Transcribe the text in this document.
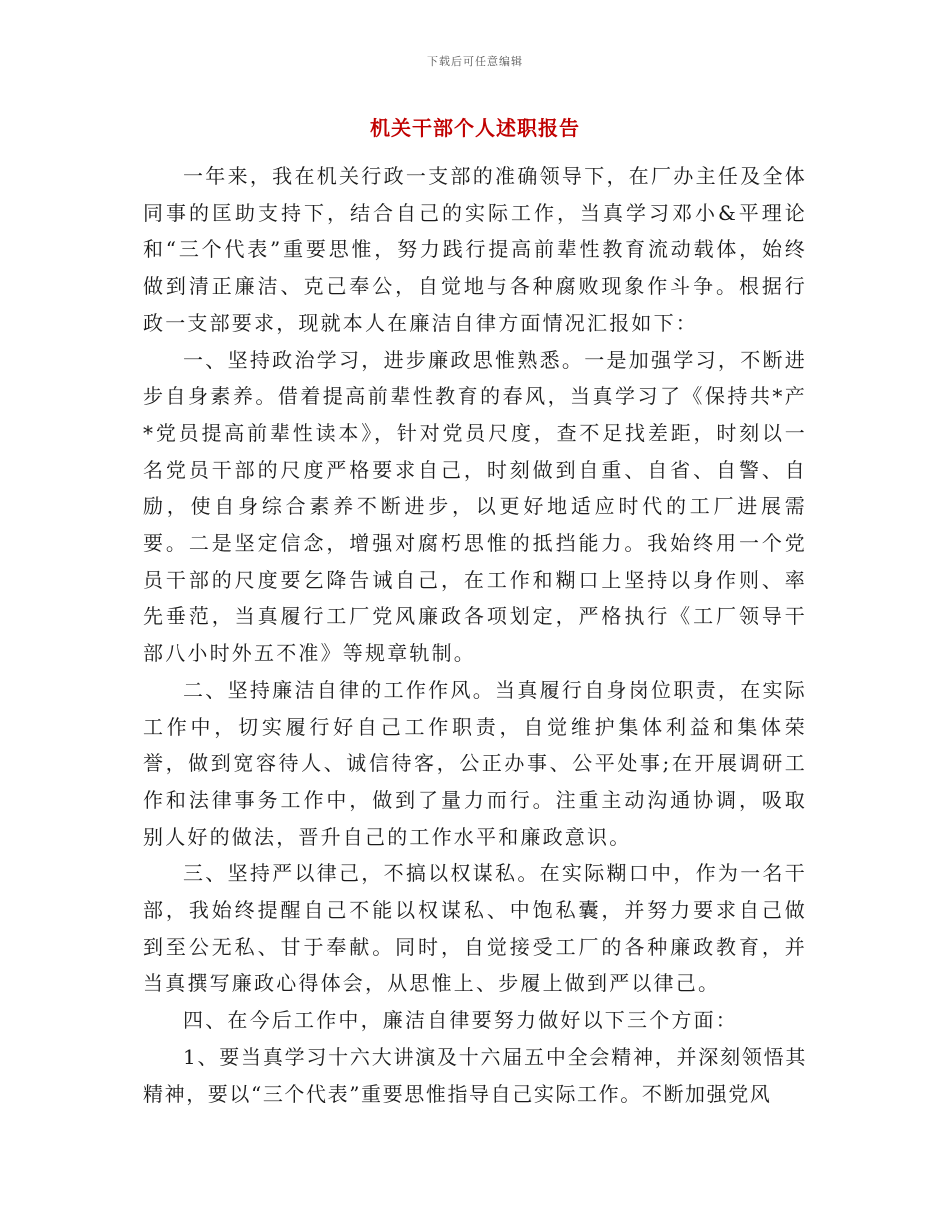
下载后可任意编辑
机关干部个人述职报告

一年来，我在机关行政一支部的准确领导下，在厂办主任及全体同事的匡助支持下，结合自己的实际工作，当真学习邓小&平理论和“三个代表”重要思惟，努力践行提高前辈性教育流动载体，始终做到清正廉洁、克己奉公，自觉地与各种腐败现象作斗争。根据行政一支部要求，现就本人在廉洁自律方面情况汇报如下：

一、坚持政治学习，进步廉政思惟熟悉。一是加强学习，不断进步自身素养。借着提高前辈性教育的春风，当真学习了《保持共*产*党员提高前辈性读本》，针对党员尺度，查不足找差距，时刻以一名党员干部的尺度严格要求自己，时刻做到自重、自省、自警、自励，使自身综合素养不断进步，以更好地适应时代的工厂进展需要。二是坚定信念，增强对腐朽思惟的抵挡能力。我始终用一个党员干部的尺度要乞降告诫自己，在工作和糊口上坚持以身作则、率先垂范，当真履行工厂党风廉政各项划定，严格执行《工厂领导干部八小时外五不准》等规章轨制。

二、坚持廉洁自律的工作作风。当真履行自身岗位职责，在实际工作中，切实履行好自己工作职责，自觉维护集体利益和集体荣誉，做到宽容待人、诚信待客，公正办事、公平处事;在开展调研工作和法律事务工作中，做到了量力而行。注重主动沟通协调，吸取别人好的做法，晋升自己的工作水平和廉政意识。

三、坚持严以律己，不搞以权谋私。在实际糊口中，作为一名干部，我始终提醒自己不能以权谋私、中饱私囊，并努力要求自己做到至公无私、甘于奉献。同时，自觉接受工厂的各种廉政教育，并当真撰写廉政心得体会，从思惟上、步履上做到严以律己。

四、在今后工作中，廉洁自律要努力做好以下三个方面：

1、要当真学习十六大讲演及十六届五中全会精神，并深刻领悟其精神，要以“三个代表”重要思惟指导自己实际工作。不断加强党风
